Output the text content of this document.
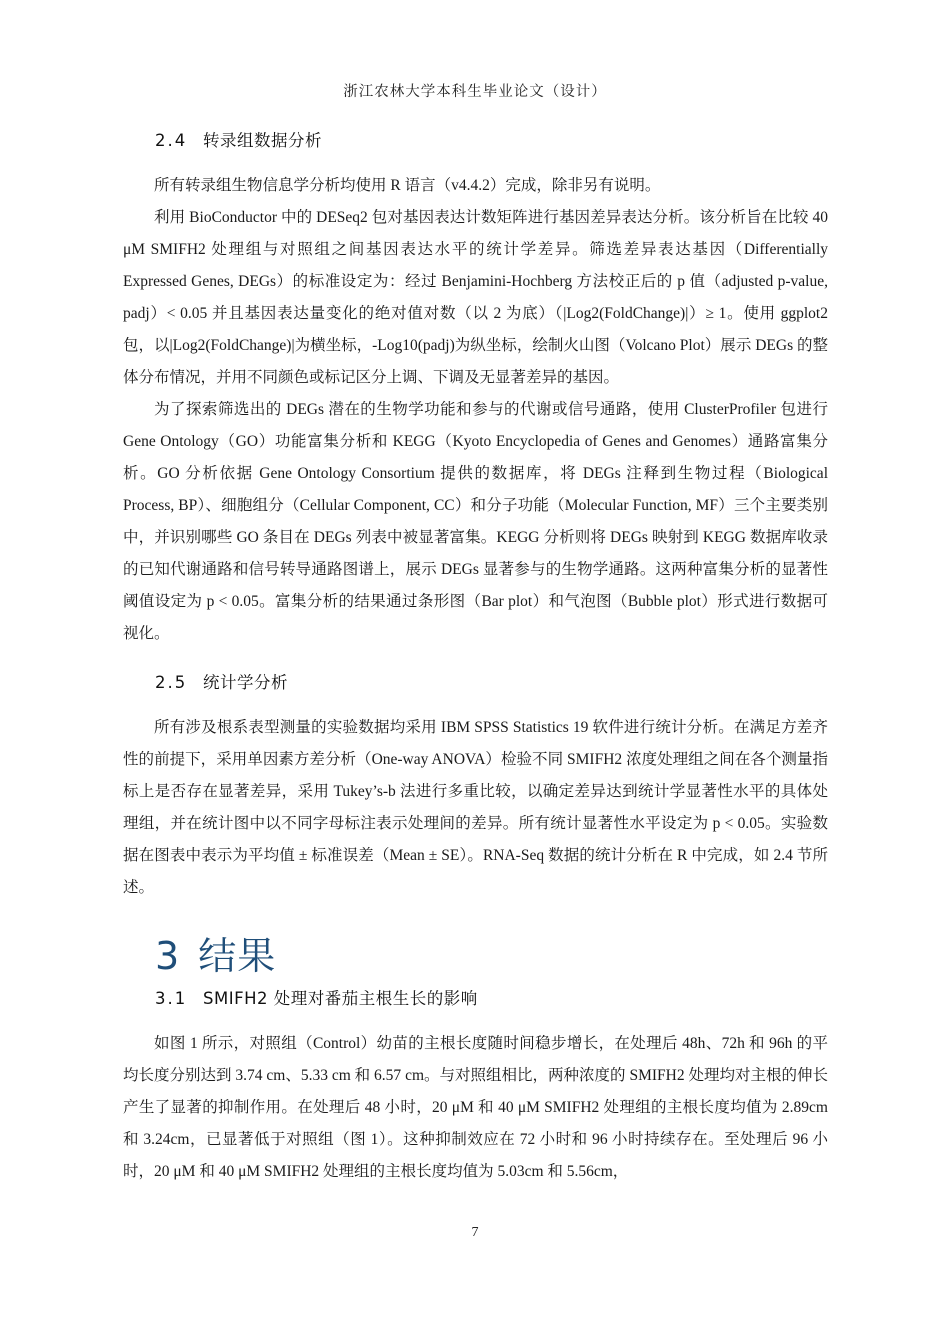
浙江农林大学本科生毕业论文（设计）
2.4 转录组数据分析

所有转录组生物信息学分析均使用 R 语言（v4.4.2）完成，除非另有说明。

利用 BioConductor 中的 DESeq2 包对基因表达计数矩阵进行基因差异表达分析。该分析旨在比较 40 μM SMIFH2 处理组与对照组之间基因表达水平的统计学差异。筛选差异表达基因（Differentially Expressed Genes, DEGs）的标准设定为：经过 Benjamini-Hochberg 方法校正后的 p 值（adjusted p-value, padj）< 0.05 并且基因表达量变化的绝对值对数（以 2 为底）（|Log2(FoldChange)|）≥ 1。使用 ggplot2 包，以|Log2(FoldChange)|为横坐标，-Log10(padj)为纵坐标，绘制火山图（Volcano Plot）展示 DEGs 的整体分布情况，并用不同颜色或标记区分上调、下调及无显著差异的基因。

为了探索筛选出的 DEGs 潜在的生物学功能和参与的代谢或信号通路，使用 ClusterProfiler 包进行 Gene Ontology（GO）功能富集分析和 KEGG（Kyoto Encyclopedia of Genes and Genomes）通路富集分析。GO 分析依据 Gene Ontology Consortium 提供的数据库，将 DEGs 注释到生物过程（Biological Process, BP）、细胞组分（Cellular Component, CC）和分子功能（Molecular Function, MF）三个主要类别中，并识别哪些 GO 条目在 DEGs 列表中被显著富集。KEGG 分析则将 DEGs 映射到 KEGG 数据库收录的已知代谢通路和信号转导通路图谱上，展示 DEGs 显著参与的生物学通路。这两种富集分析的显著性阈值设定为 p < 0.05。富集分析的结果通过条形图（Bar plot）和气泡图（Bubble plot）形式进行数据可视化。

2.5 统计学分析

所有涉及根系表型测量的实验数据均采用 IBM SPSS Statistics 19 软件进行统计分析。在满足方差齐性的前提下，采用单因素方差分析（One-way ANOVA）检验不同 SMIFH2 浓度处理组之间在各个测量指标上是否存在显著差异，采用 Tukey’s-b 法进行多重比较，以确定差异达到统计学显著性水平的具体处理组，并在统计图中以不同字母标注表示处理间的差异。所有统计显著性水平设定为 p < 0.05。实验数据在图表中表示为平均值 ± 标准误差（Mean ± SE）。RNA-Seq 数据的统计分析在 R 中完成，如 2.4 节所述。

3 结果
3.1 SMIFH2 处理对番茄主根生长的影响

如图 1 所示，对照组（Control）幼苗的主根长度随时间稳步增长，在处理后 48h、72h 和 96h 的平均长度分别达到 3.74 cm、5.33 cm 和 6.57 cm。与对照组相比，两种浓度的 SMIFH2 处理均对主根的伸长产生了显著的抑制作用。在处理后 48 小时，20 μM 和 40 μM SMIFH2 处理组的主根长度均值为 2.89cm 和 3.24cm，已显著低于对照组（图 1）。这种抑制效应在 72 小时和 96 小时持续存在。至处理后 96 小时，20 μM 和 40 μM SMIFH2 处理组的主根长度均值为 5.03cm 和 5.56cm，

7
